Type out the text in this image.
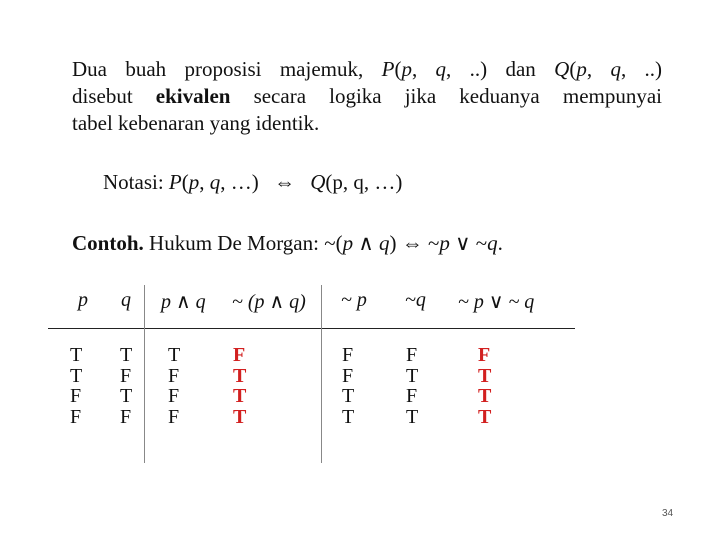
Dua buah proposisi majemuk, P(p, q, ..) dan Q(p, q, ..)
disebut ekivalen secara logika jika keduanya mempunyai
tabel kebenaran yang identik.
Notasi: P(p, q, …) ⇔ Q(p, q, …)
Contoh. Hukum De Morgan: ~(p ∧ q) ⇔ ~p ∨ ~q.
p q p ∧ q ~ (p ∧ q) ~ p ~q ~ p ∨ ~ q
T
T
F
F
T
F
T
F
T
F
F
F
F
T
T
T
F
F
T
T
F
T
F
T
F
T
T
T
34
